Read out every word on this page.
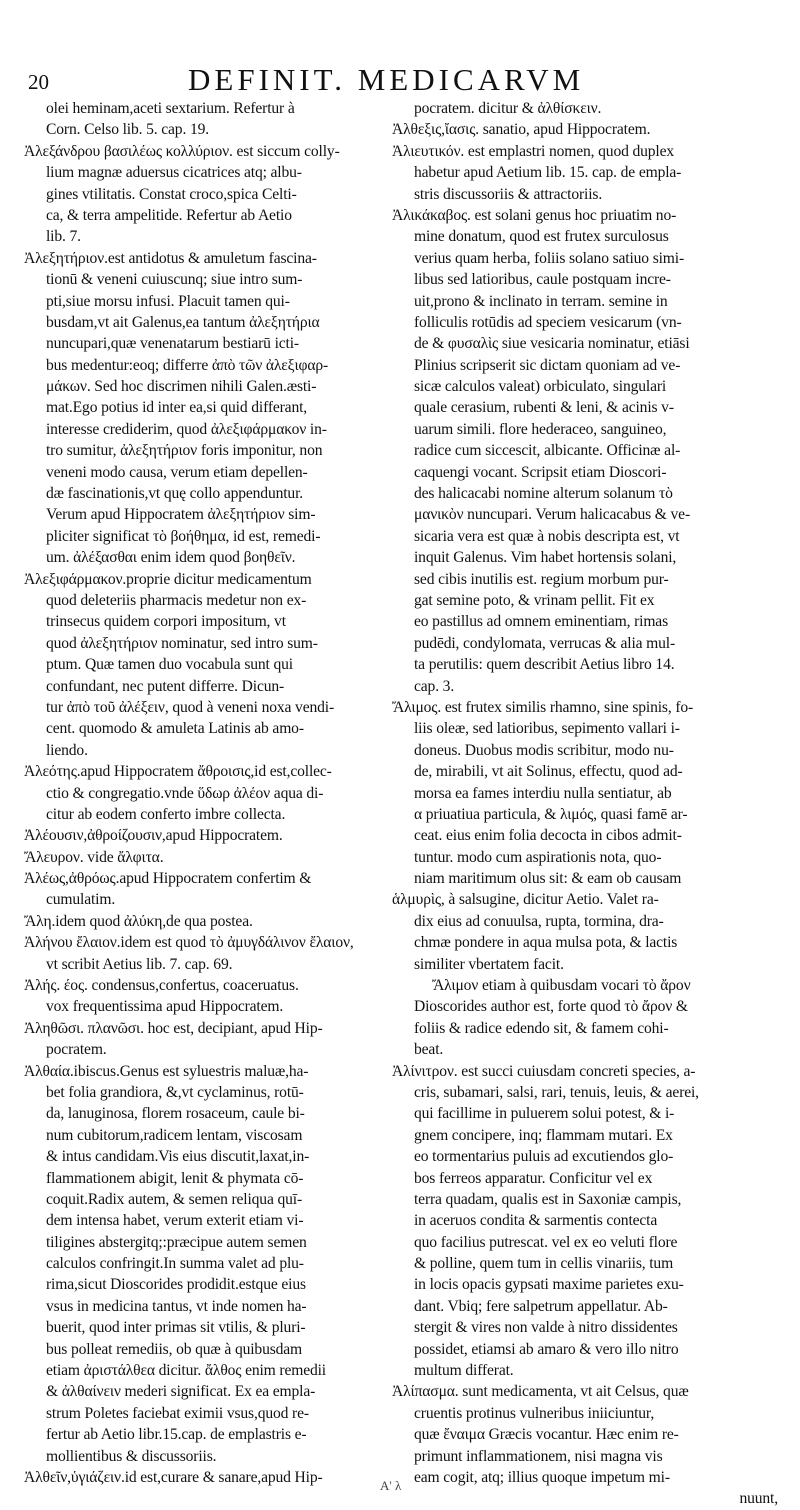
20	DEFINIT. MEDICARVM
olei heminam,aceti sextarium. Refertur à
Corn. Celso lib. 5. cap. 19.
Ἀλεξάνδρου βασιλέως κολλύριον. est siccum colly-
lium magnæ aduersus cicatrices atq; albu-
gines vtilitatis. Constat croco,spica Celti-
ca, & terra ampelitide. Refertur ab Aetio
lib. 7.
Ἀλεξητήριον.est antidotus & amuletum fascina-
tionū & veneni cuiuscunq; siue intro sum-
pti,siue morsu infusi. Placuit tamen qui-
busdam,vt ait Galenus,ea tantum ἀλεξητήρια
nuncupari,quæ venenatarum bestiarū icti-
bus medentur:eoq; differre ἀπὸ τῶν ἀλεξιφαρ-
μάκων. Sed hoc discrimen nihili Galen.æsti-
mat.Ego potius id inter ea,si quid differant,
interesse crediderim, quod ἀλεξιφάρμακον in-
tro sumitur, ἀλεξητήριον foris imponitur, non
veneni modo causa, verum etiam depellen-
dæ fascinationis,vt quę collo appenduntur.
Verum apud Hippocratem ἀλεξητήριον sim-
pliciter significat τὸ βοήθημα, id est, remedi-
um. ἀλέξασθαι enim idem quod βοηθεῖν.
Ἀλεξιφάρμακον.proprie dicitur medicamentum
quod deleteriis pharmacis medetur non ex-
trinsecus quidem corpori impositum, vt
quod ἀλεξητήριον nominatur, sed intro sum-
ptum. Quæ tamen duo vocabula sunt qui
confundant, nec putent differre. Dicun-
tur ἀπὸ τοῦ ἀλέξειν, quod à veneni noxa vendi-
cent. quomodo & amuleta Latinis ab amo-
liendo.
Ἀλεότης.apud Hippocratem ἄθροισις,id est,collec-
ctio & congregatio.vnde ὕδωρ ἀλέον aqua di-
citur ab eodem conferto imbre collecta.
Ἀλέουσιν,ἀθροίζουσιν,apud Hippocratem.
Ἄλευρον. vide ἄλφιτα.
Ἀλέως,ἀθρόως.apud Hippocratem confertim &
cumulatim.
Ἄλη.idem quod ἀλύκη,de qua postea.
Ἀλήνου ἔλαιον.idem est quod τὸ ἀμυγδάλινον ἔλαιον,
vt scribit Aetius lib. 7. cap. 69.
Ἀλής. έος. condensus,confertus, coaceruatus.
vox frequentissima apud Hippocratem.
Ἀληθῶσι. πλανῶσι. hoc est, decipiant, apud Hip-
pocratem.
Ἀλθαία.ibiscus.Genus est syluestris maluæ,ha-
bet folia grandiora, &,vt cyclaminus, rotū-
da, lanuginosa, florem rosaceum, caule bi-
num cubitorum,radicem lentam, viscosam
& intus candidam.Vis eius discutit,laxat,in-
flammationem abigit, lenit & phymata cō-
coquit.Radix autem, & semen reliqua quī-
dem intensa habet, verum exterit etiam vi-
tiligines abstergitq;:præcipue autem semen
calculos confringit.In summa valet ad plu-
rima,sicut Dioscorides prodidit.estque eius
vsus in medicina tantus, vt inde nomen ha-
buerit, quod inter primas sit vtilis, & pluri-
bus polleat remediis, ob quæ à quibusdam
etiam ἀριστάλθεα dicitur. ἄλθος enim remedii
& ἀλθαίνειν mederi significat. Ex ea empla-
strum Poletes faciebat eximii vsus,quod re-
fertur ab Aetio libr.15.cap. de emplastris e-
mollientibus & discussoriis.
Ἀλθεῖν,ὑγιάζειν.id est,curare & sanare,apud Hip-
pocratem. dicitur & ἀλθίσκειν.
Ἀλθεξις,ἴασις. sanatio, apud Hippocratem.
Ἀλιευτικόν. est emplastri nomen, quod duplex
habetur apud Aetium lib. 15. cap. de empla-
stris discussoriis & attractoriis.
Ἀλικάκαβος. est solani genus hoc priuatim no-
mine donatum, quod est frutex surculosus
verius quam herba, foliis solano satiuo simi-
libus sed latioribus, caule postquam incre-
uit,prono & inclinato in terram. semine in
folliculis rotūdis ad speciem vesicarum (vn-
de & φυσαλὶς siue vesicaria nominatur, etiāsi
Plinius scripserit sic dictam quoniam ad ve-
sicæ calculos valeat) orbiculato, singulari
quale cerasium, rubenti & leni, & acinis v-
uarum simili. flore hederaceo, sanguineo,
radice cum siccescit, albicante. Officinæ al-
caquengi vocant. Scripsit etiam Dioscori-
des halicacabi nomine alterum solanum τὸ
μανικὸν nuncupari. Verum halicacabus & ve-
sicaria vera est quæ à nobis descripta est, vt
inquit Galenus. Vim habet hortensis solani,
sed cibis inutilis est. regium morbum pur-
gat semine poto, & vrinam pellit. Fit ex
eo pastillus ad omnem eminentiam, rimas
pudēdi, condylomata, verrucas & alia mul-
ta perutilis: quem describit Aetius libro 14.
cap. 3.
Ἄλιμος. est frutex similis rhamno, sine spinis, fo-
liis oleæ, sed latioribus, sepimento vallari i-
doneus. Duobus modis scribitur, modo nu-
de, mirabili, vt ait Solinus, effectu, quod ad-
morsa ea fames interdiu nulla sentiatur, ab
α priuatiua particula, & λιμός, quasi famē ar-
ceat. eius enim folia decocta in cibos admit-
tuntur. modo cum aspirationis nota, quo-
niam maritimum olus sit: & eam ob causam
ἁλμυρὶς, à salsugine, dicitur Aetio. Valet ra-
dix eius ad conuulsa, rupta, tormina, dra-
chmæ pondere in aqua mulsa pota, & lactis
similiter vbertatem facit.
Ἄλιμον etiam à quibusdam vocari τὸ ἄρον
Dioscorides author est, forte quod τὸ ἄρον &
foliis & radice edendo sit, & famem cohi-
beat.
Ἀλίνιτρον. est succi cuiusdam concreti species, a-
cris, subamari, salsi, rari, tenuis, leuis, & aerei,
qui facillime in puluerem solui potest, & i-
gnem concipere, inq; flammam mutari. Ex
eo tormentarius puluis ad excutiendos glo-
bos ferreos apparatur. Conficitur vel ex
terra quadam, qualis est in Saxoniæ campis,
in aceruos condita & sarmentis contecta
quo facilius putrescat. vel ex eo veluti flore
& polline, quem tum in cellis vinariis, tum
in locis opacis gypsati maxime parietes exu-
dant. Vbiq; fere salpetrum appellatur. Ab-
stergit & vires non valde à nitro dissidentes
possidet, etiamsi ab amaro & vero illo nitro
multum differat.
Ἀλίπασμα. sunt medicamenta, vt ait Celsus, quæ
cruentis protinus vulneribus iniiciuntur,
quæ ἔναιμα Græcis vocantur. Hæc enim re-
primunt inflammationem, nisi magna vis
eam cogit, atq; illius quoque impetum mi-
nuunt,
A' λ
